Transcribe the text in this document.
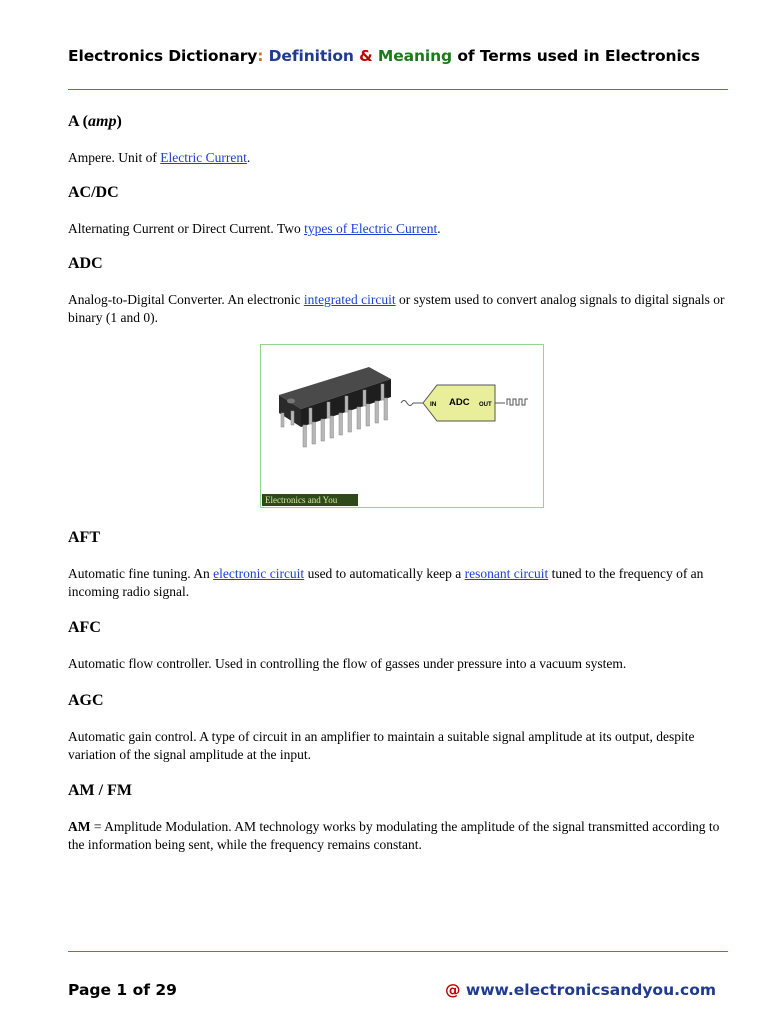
Electronics Dictionary: Definition & Meaning of Terms used in Electronics
A (amp)

Ampere. Unit of Electric Current.

AC/DC

Alternating Current or Direct Current. Two types of Electric Current.

ADC

Analog-to-Digital Converter. An electronic integrated circuit or system used to convert analog signals to digital signals or binary (1 and 0).

IN ADC OUT
Electronics and You
AFT

Automatic fine tuning. An electronic circuit used to automatically keep a resonant circuit tuned to the frequency of an incoming radio signal.

AFC

Automatic flow controller. Used in controlling the flow of gasses under pressure into a vacuum system.

AGC

Automatic gain control. A type of circuit in an amplifier to maintain a suitable signal amplitude at its output, despite variation of the signal amplitude at the input.

AM / FM

AM = Amplitude Modulation. AM technology works by modulating the amplitude of the signal transmitted according to the information being sent, while the frequency remains constant.

Page 1 of 29	@ www.electronicsandyou.com
